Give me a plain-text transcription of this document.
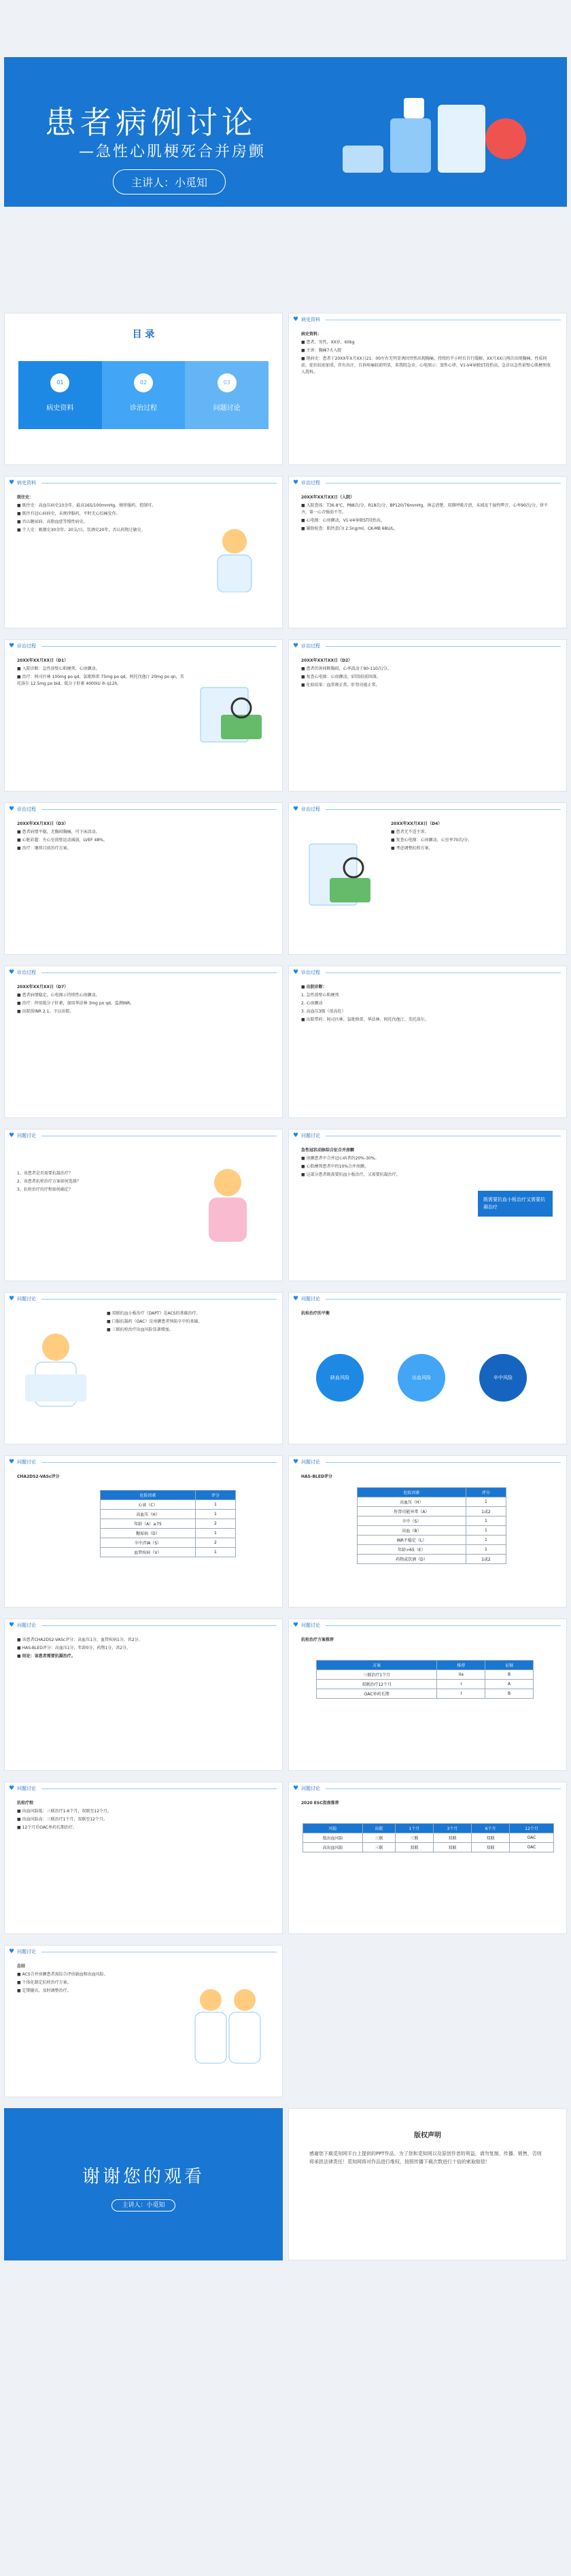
患者病例讨论
—急性心肌梗死合并房颤
主讲人：小觅知
目 录
01
病史资料
02
诊治过程
03
问题讨论
♥ 病史资料

病史资料：

■ 患者，男性，XX岁，60kg

■ 主诉：胸痛7天入院

■ 现病史：患者于20XX年X月XX日21：00左右无明显诱因突然出现胸痛，持续约半小时后自行缓解。XX月XX日再次出现胸痛，性质同前，症状较前加重，伴有出汗，自诉疼痛较前明显，来我院急诊，心电图示：窦性心律，V1-V4导联ST段抬高，急诊以急性前壁心肌梗死收入我科。

♥ 病史资料

既往史：

■ 既往史：高血压病史10余年，最高165/100mmHg，规律服药，控制可。

■ 既往有冠心病病史，未规律服药，平时无心绞痛发作。

■ 否认糖尿病、高脂血症等慢性病史。

■ 个人史：吸烟史30余年，20支/日，饮酒史20年，否认药物过敏史。

♥ 诊治过程

20XX年XX月XX日（入院）

■ 入院查体：T36.8℃，P88次/分，R18次/分，BP120/76mmHg，神志清楚，双肺呼吸音清，未闻及干湿性啰音，心率90次/分，律不齐，第一心音强弱不等。

■ 心电图：心房颤动，V1-V4导联ST段抬高。

■ 辅助检查：肌钙蛋白I 2.5ng/ml，CK-MB 68U/L。

♥ 诊治过程

20XX年XX月XX日（D1）

■ 入院诊断：急性前壁心肌梗死，心房颤动。

■ 治疗：阿司匹林 100mg po qd，氯吡格雷 75mg po qd，阿托伐他汀 20mg po qn，美托洛尔 12.5mg po bid，低分子肝素 4000IU ih q12h。

♥ 诊治过程

20XX年XX月XX日（D2）

■ 患者仍诉间断胸闷，心率波动于90-110次/分。

■ 复查心电图：心房颤动，ST段较前回落。

■ 化验结果：血常规正常，肝肾功能正常。

♥ 诊治过程

20XX年XX月XX日（D3）

■ 患者病情平稳，无胸闷胸痛，可下床活动。

■ 心脏彩超：左心室前壁运动减弱，LVEF 48%。

■ 治疗：继续目前治疗方案。

♥ 诊治过程

20XX年XX月XX日（D4）

■ 患者无不适主诉。

■ 复查心电图：心房颤动，心室率70次/分。

■ 考虑调整抗栓方案。

♥ 诊治过程

20XX年XX月XX日（D7）

■ 患者病情稳定，心电图示持续性心房颤动。

■ 治疗：停用低分子肝素，加用华法林 3mg po qd，监测INR。

■ 出院前INR 2.1，予以出院。

♥ 诊治过程

■ 出院诊断：

1. 急性前壁心肌梗死

2. 心房颤动

3. 高血压3级（很高危）

■ 出院带药：阿司匹林、氯吡格雷、华法林、阿托伐他汀、美托洛尔。

♥ 问题讨论

1、该患者是否需要抗凝治疗？

2、该患者抗栓治疗方案如何选择？

3、抗栓治疗的疗程如何确定？

♥ 问题讨论

急性冠状动脉综合征合并房颤

■ 房颤患者中合并冠心病者约20%-30%。

■ 心肌梗死患者中约10%合并房颤。

■ 这部分患者既需要抗血小板治疗，又需要抗凝治疗。

既需要抗血小板治疗又需要抗凝治疗
♥ 问题讨论

■ 双联抗血小板治疗（DAPT）是ACS的基础治疗。

■ 口服抗凝药（OAC）是房颤患者预防卒中的基础。

■ 三联抗栓治疗出血风险显著增加。

♥ 问题讨论

抗栓治疗的平衡

缺血风险	出血风险	卒中风险
♥ 问题讨论

CHA2DS2-VASc评分

危险因素	评分
心衰（C）	1
高血压（H）	1
年龄（A）≥75	2
糖尿病（D）	1
卒中/TIA（S）	2
血管疾病（V）	1
♥ 问题讨论

HAS-BLED评分

危险因素	评分
高血压（H）	1
肝肾功能异常（A）	1或2
卒中（S）	1
出血（B）	1
INR不稳定（L）	1
年龄>65（E）	1
药物或饮酒（D）	1或2
♥ 问题讨论

■ 该患者CHA2DS2-VASc评分：高血压1分，血管疾病1分，共2分。

■ HAS-BLED评分：高血压1分，年龄0分，药物1分，共2分。

■ 结论：该患者需要抗凝治疗。

♥ 问题讨论

抗栓治疗方案推荐

方案	推荐	证据
三联治疗1个月	IIa	B
双联治疗12个月	I	A
OAC单药长期	I	B
♥ 问题讨论

抗栓疗程

■ 出血风险低：三联治疗1-6个月，双联至12个月。

■ 出血风险高：三联治疗1个月，双联至12个月。

■ 12个月后OAC单药长期治疗。

♥ 问题讨论

2020 ESC指南推荐

风险	出院	1个月	3个月	6个月	12个月
低出血风险	三联	三联	双联	双联	OAC
高出血风险	三联	双联	双联	双联	OAC
♥ 问题讨论

总结

■ ACS合并房颤患者需综合评估缺血和出血风险。

■ 个体化制定抗栓治疗方案。

■ 定期随访，及时调整治疗。

谢谢您的观看
主讲人：小觅知
版权声明
感谢您下载觅知网平台上提供的PPT作品，为了您和觅知网以及原创作者的利益，请勿复制、传播、销售，否则将承担法律责任！觅知网将对作品进行维权，按照传播下载次数进行十倍的索取赔偿！
